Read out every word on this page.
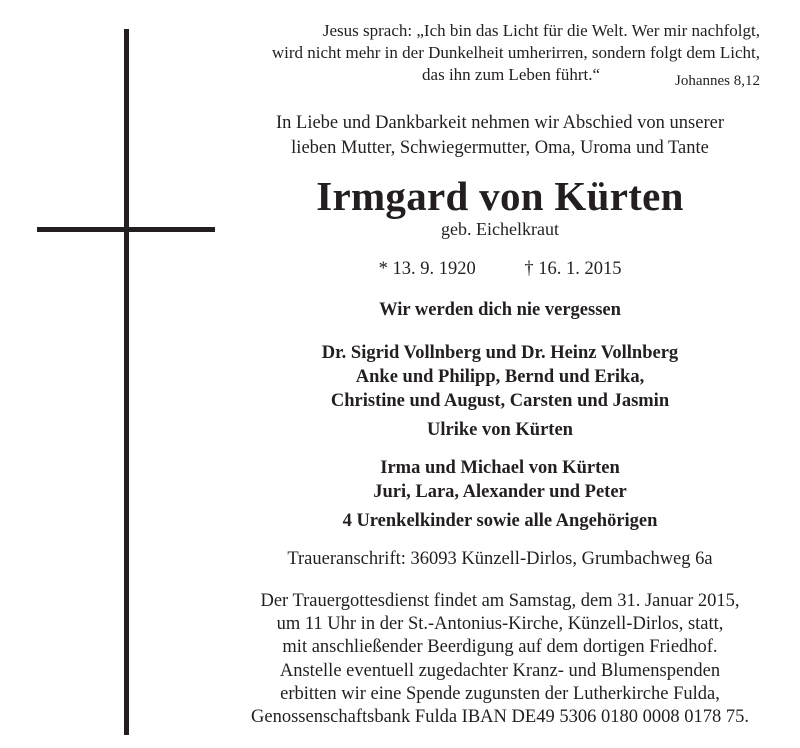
Jesus sprach: „Ich bin das Licht für die Welt. Wer mir nachfolgt,
wird nicht mehr in der Dunkelheit umherirren, sondern folgt dem Licht,
das ihn zum Leben führt.“	Johannes 8,12
In Liebe und Dankbarkeit nehmen wir Abschied von unserer
lieben Mutter, Schwiegermutter, Oma, Uroma und Tante
Irmgard von Kürten
geb. Eichelkraut
* 13. 9. 1920	† 16. 1. 2015
Wir werden dich nie vergessen
Dr. Sigrid Vollnberg und Dr. Heinz Vollnberg
Anke und Philipp, Bernd und Erika,
Christine und August, Carsten und Jasmin
Ulrike von Kürten
Irma und Michael von Kürten
Juri, Lara, Alexander und Peter
4 Urenkelkinder sowie alle Angehörigen
Traueranschrift: 36093 Künzell-Dirlos, Grumbachweg 6a
Der Trauergottesdienst findet am Samstag, dem 31. Januar 2015,
um 11 Uhr in der St.-Antonius-Kirche, Künzell-Dirlos, statt,
mit anschließender Beerdigung auf dem dortigen Friedhof.
Anstelle eventuell zugedachter Kranz- und Blumenspenden
erbitten wir eine Spende zugunsten der Lutherkirche Fulda,
Genossenschaftsbank Fulda IBAN DE49 5306 0180 0008 0178 75.
